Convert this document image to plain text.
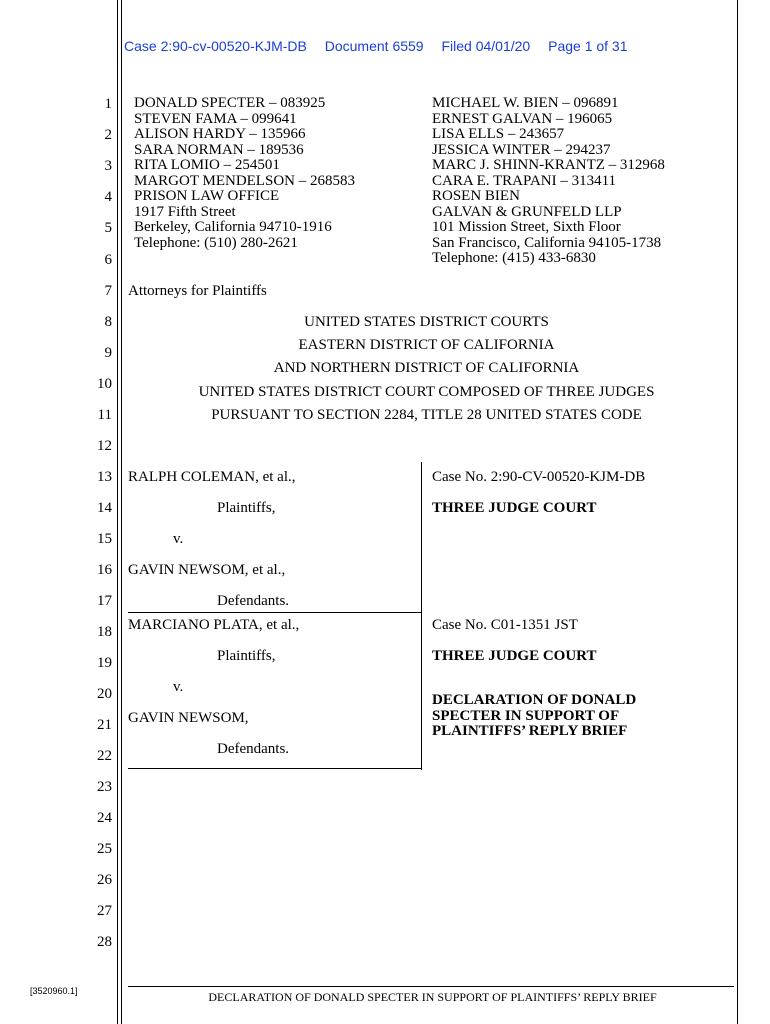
Case 2:90-cv-00520-KJM-DB Document 6559 Filed 04/01/20 Page 1 of 31
1
2
3
4
5
6
7
8
9
10
11
12
13
14
15
16
17
18
19
20
21
22
23
24
25
26
27
28
DONALD SPECTER – 083925
STEVEN FAMA – 099641
ALISON HARDY – 135966
SARA NORMAN – 189536
RITA LOMIO – 254501
MARGOT MENDELSON – 268583
PRISON LAW OFFICE
1917 Fifth Street
Berkeley, California 94710-1916
Telephone: (510) 280-2621
MICHAEL W. BIEN – 096891
ERNEST GALVAN – 196065
LISA ELLS – 243657
JESSICA WINTER – 294237
MARC J. SHINN-KRANTZ – 312968
CARA E. TRAPANI – 313411
ROSEN BIEN
GALVAN & GRUNFELD LLP
101 Mission Street, Sixth Floor
San Francisco, California 94105-1738
Telephone: (415) 433-6830
Attorneys for Plaintiffs
UNITED STATES DISTRICT COURTS
EASTERN DISTRICT OF CALIFORNIA
AND NORTHERN DISTRICT OF CALIFORNIA
UNITED STATES DISTRICT COURT COMPOSED OF THREE JUDGES
PURSUANT TO SECTION 2284, TITLE 28 UNITED STATES CODE
RALPH COLEMAN, et al.,
Plaintiffs,
v.
GAVIN NEWSOM, et al.,
Defendants.
Case No. 2:90-CV-00520-KJM-DB
THREE JUDGE COURT
MARCIANO PLATA, et al.,
Plaintiffs,
v.
GAVIN NEWSOM,
Defendants.
Case No. C01-1351 JST
THREE JUDGE COURT
DECLARATION OF DONALD
SPECTER IN SUPPORT OF
PLAINTIFFS’ REPLY BRIEF
DECLARATION OF DONALD SPECTER IN SUPPORT OF PLAINTIFFS’ REPLY BRIEF
[3520960.1]
